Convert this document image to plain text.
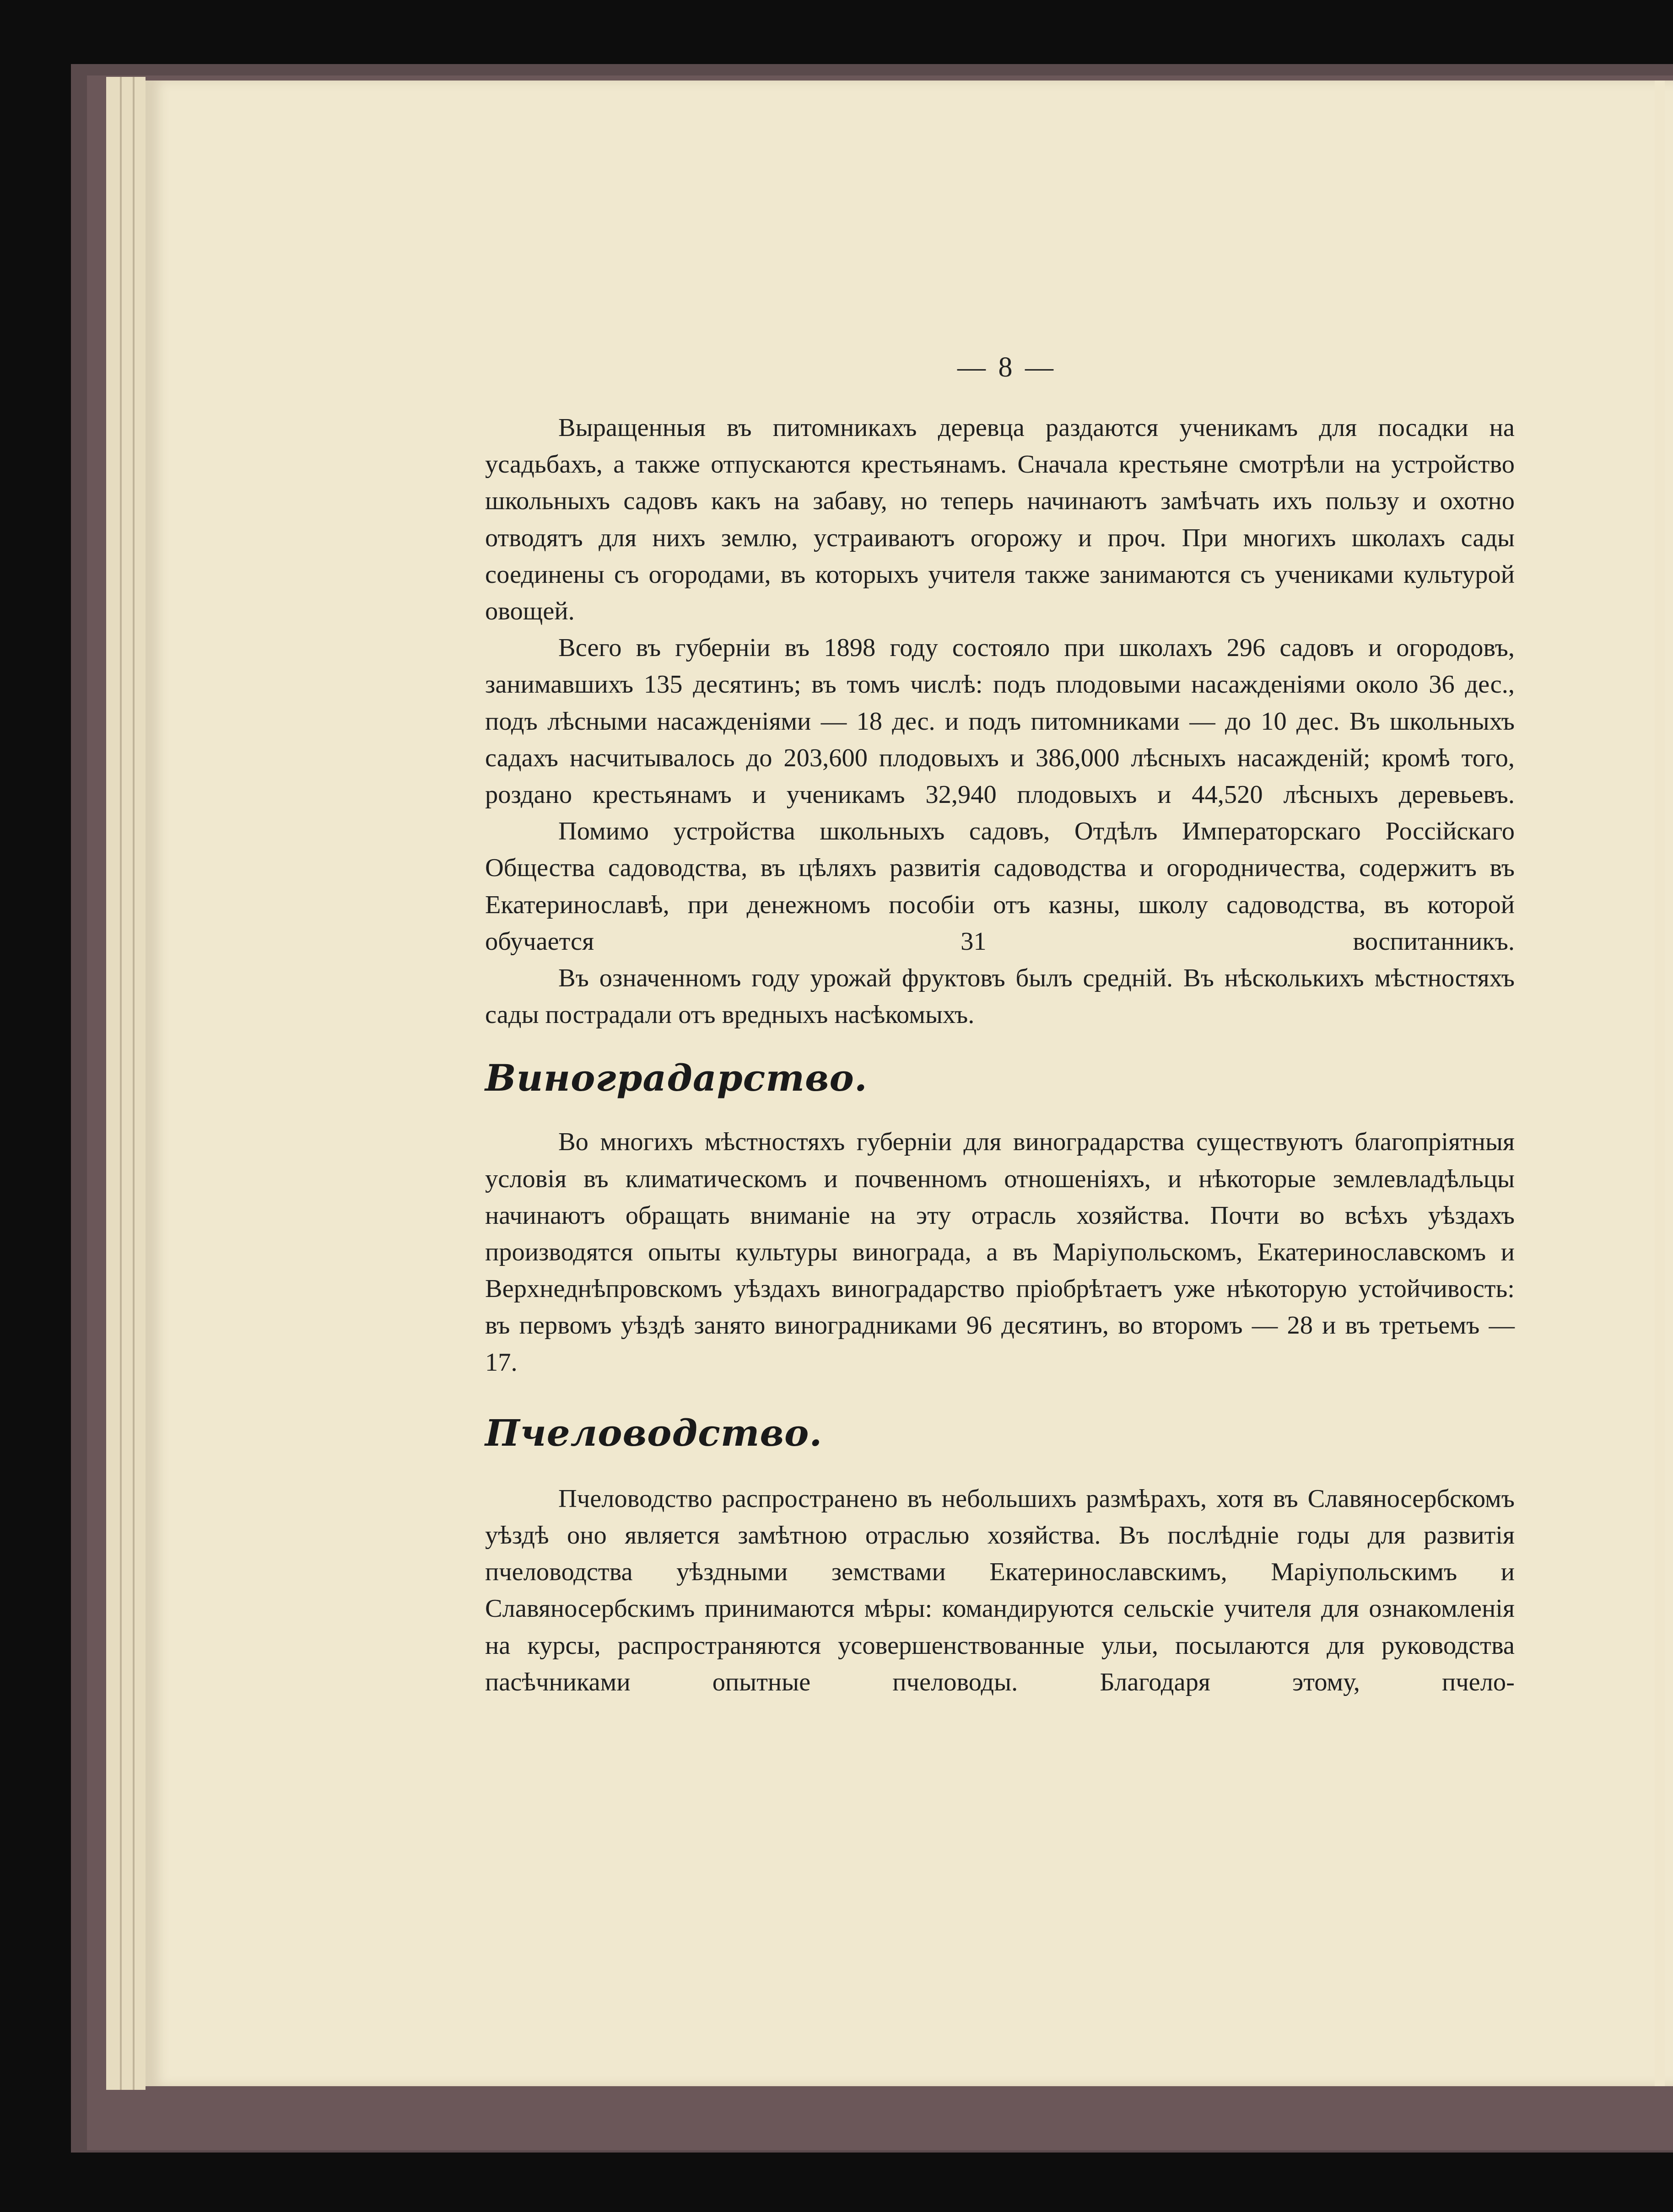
— 8 —

Выращенныя въ питомникахъ деревца раздаются ученикамъ для посадки на усадьбахъ, а также отпускаются крестьянамъ. Сначала крестьяне смотрѣли на устройство школьныхъ садовъ какъ на забаву, но теперь начинаютъ замѣчать ихъ пользу и охотно отводятъ для нихъ землю, устраиваютъ огорожу и проч. При многихъ школахъ сады соединены съ огородами, въ которыхъ учителя также занимаются съ учениками культурой овощей.

Всего въ губерніи въ 1898 году состояло при школахъ 296 садовъ и огородовъ, занимавшихъ 135 десятинъ; въ томъ числѣ: подъ плодовыми насажденіями около 36 дес., подъ лѣсными насажденіями — 18 дес. и подъ питомниками — до 10 дес. Въ школьныхъ садахъ насчитывалось до 203,600 плодовыхъ и 386,000 лѣсныхъ насажденій; кромѣ того, роздано крестьянамъ и ученикамъ 32,940 плодовыхъ и 44,520 лѣсныхъ деревьевъ.

Помимо устройства школьныхъ садовъ, Отдѣлъ Императорскаго Россійскаго Общества садоводства, въ цѣляхъ развитія садоводства и огородничества, содержитъ въ Екатеринославѣ, при денежномъ пособіи отъ казны, школу садоводства, въ которой обучается 31 воспитанникъ.

Въ означенномъ году урожай фруктовъ былъ средній. Въ нѣсколькихъ мѣстностяхъ сады пострадали отъ вредныхъ насѣкомыхъ.

Виноградарство.

Во многихъ мѣстностяхъ губерніи для виноградарства существуютъ благопріятныя условія въ климатическомъ и почвенномъ отношеніяхъ, и нѣкоторые землевладѣльцы начинаютъ обращать вниманіе на эту отрасль хозяйства. Почти во всѣхъ уѣздахъ производятся опыты культуры винограда, а въ Маріупольскомъ, Екатеринославскомъ и Верхнеднѣпровскомъ уѣздахъ виноградарство пріобрѣтаетъ уже нѣкоторую устойчивость: въ первомъ уѣздѣ занято виноградниками 96 десятинъ, во второмъ — 28 и въ третьемъ — 17.

Пчеловодство.

Пчеловодство распространено въ небольшихъ размѣрахъ, хотя въ Славяносербскомъ уѣздѣ оно является замѣтною отраслью хозяйства. Въ послѣдніе годы для развитія пчеловодства уѣздными земствами Екатеринославскимъ, Маріупольскимъ и Славяносербскимъ принимаются мѣры: командируются сельскіе учителя для ознакомленія на курсы, распространяются усовершенствованные ульи, посылаются для руководства пасѣчниками опытные пчеловоды. Благодаря этому, пчело-
